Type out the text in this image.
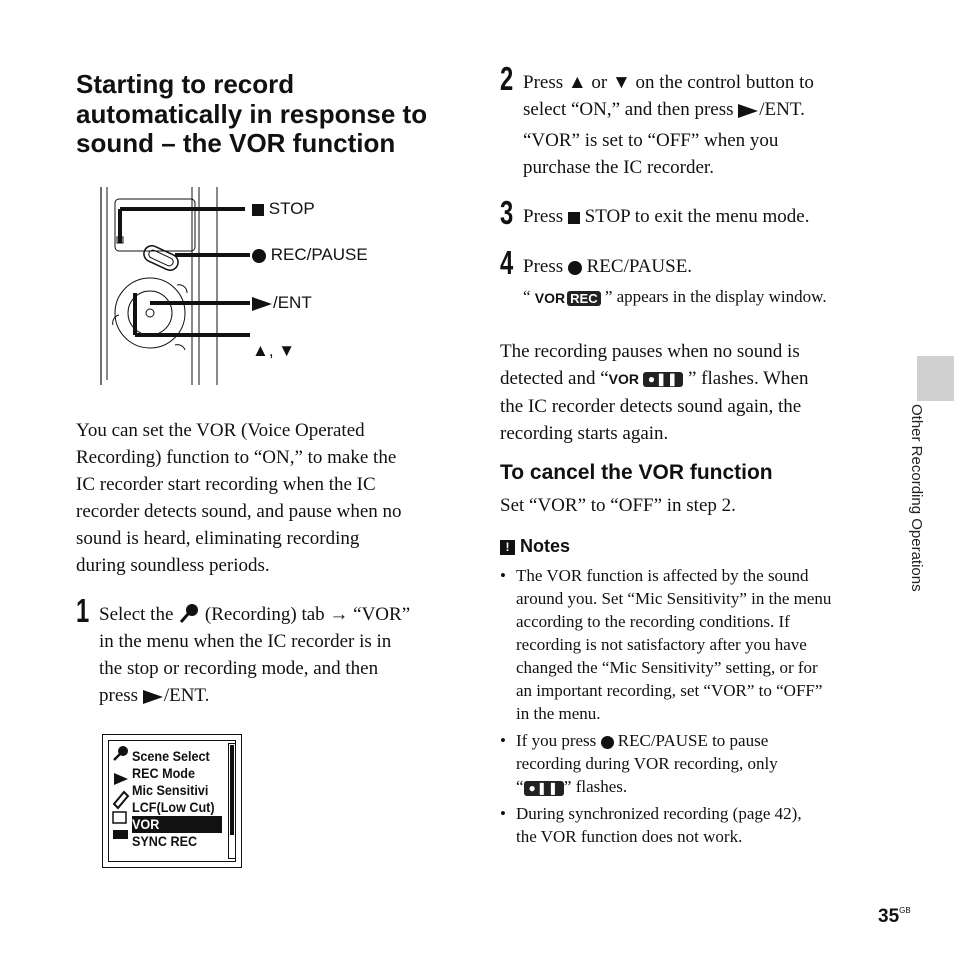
Starting to record
automatically in response to
sound – the VOR function
STOP
REC/PAUSE
/ENT
▲, ▼
You can set the VOR (Voice Operated
Recording) function to “ON,” to make the
IC recorder start recording when the IC
recorder detects sound, and pause when no
sound is heard, eliminating recording
during soundless periods.
1 Select the (Recording) tab → “VOR”
in the menu when the IC recorder is in
the stop or recording mode, and then
press /ENT.
Scene Select
REC Mode
Mic Sensitivi
LCF(Low Cut)
VOR
SYNC REC
2 Press ▲ or ▼ on the control button to
select “ON,” and then press /ENT.
“VOR” is set to “OFF” when you
purchase the IC recorder.
3 Press STOP to exit the menu mode.
4 Press REC/PAUSE.
“ VOR REC ” appears in the display window.
The recording pauses when no sound is
detected and “ VOR
●❚❚ ” flashes. When
the IC recorder detects sound again, the
recording starts again.
To cancel the VOR function
Set “VOR” to “OFF” in step 2.
! Notes
• The VOR function is affected by the sound
around you. Set “Mic Sensitivity” in the menu
according to the recording conditions. If
recording is not satisfactory after you have
changed the “Mic Sensitivity” setting, or for
an important recording, set “VOR” to “OFF”
in the menu.
• If you press REC/PAUSE to pause
recording during VOR recording, only
“ ●❚❚ ” flashes.
• During synchronized recording (page 42),
the VOR function does not work.
Other Recording Operations
$35^{GB}$
